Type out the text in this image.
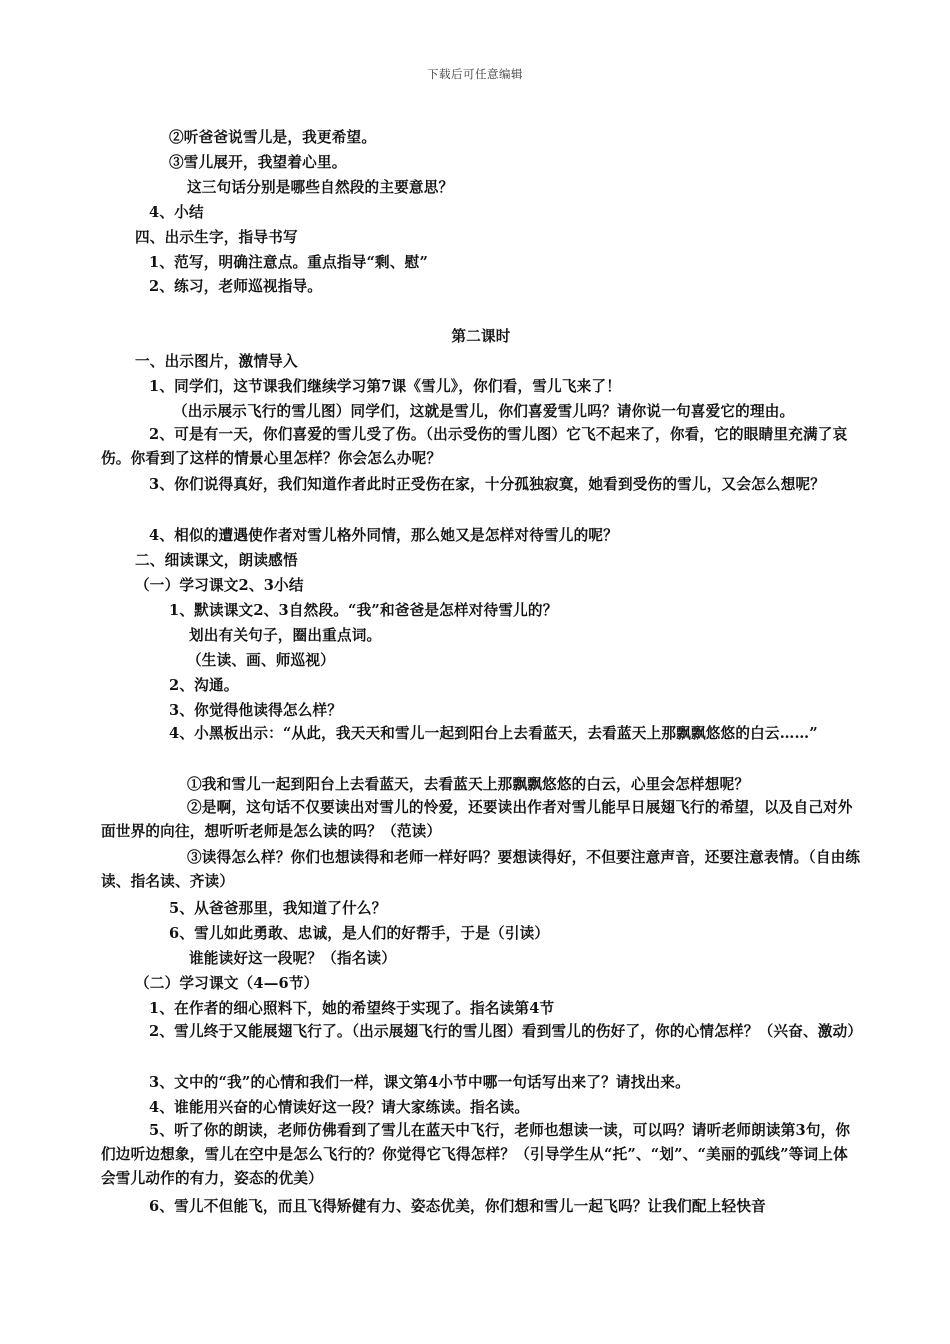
下载后可任意编辑
②听爸爸说雪儿是，我更希望。
③雪儿展开，我望着心里。
这三句话分别是哪些自然段的主要意思？
4、小结
四、出示生字，指导书写
1、范写，明确注意点。重点指导“剩、慰”
2、练习，老师巡视指导。
第二课时
一、出示图片，激情导入
1、同学们，这节课我们继续学习第7课《雪儿》，你们看，雪儿飞来了！
（出示展示飞行的雪儿图）同学们，这就是雪儿，你们喜爱雪儿吗？请你说一句喜爱它的理由。
2、可是有一天，你们喜爱的雪儿受了伤。（出示受伤的雪儿图）它飞不起来了，你看，它的眼睛里充满了哀伤。你看到了这样的情景心里怎样？你会怎么办呢？
3、你们说得真好，我们知道作者此时正受伤在家，十分孤独寂寞，她看到受伤的雪儿，又会怎么想呢？
4、相似的遭遇使作者对雪儿格外同情，那么她又是怎样对待雪儿的呢？
二、细读课文，朗读感悟
（一）学习课文2、3小结
1、默读课文2、3自然段。“我”和爸爸是怎样对待雪儿的？
划出有关句子，圈出重点词。
（生读、画、师巡视）
2、沟通。
3、你觉得他读得怎么样？
4、小黑板出示：“从此，我天天和雪儿一起到阳台上去看蓝天，去看蓝天上那飘飘悠悠的白云……”
①我和雪儿一起到阳台上去看蓝天，去看蓝天上那飘飘悠悠的白云，心里会怎样想呢？
②是啊，这句话不仅要读出对雪儿的怜爱，还要读出作者对雪儿能早日展翅飞行的希望，以及自己对外面世界的向往，想听听老师是怎么读的吗？（范读）
③读得怎么样？你们也想读得和老师一样好吗？要想读得好，不但要注意声音，还要注意表情。（自由练读、指名读、齐读）
5、从爸爸那里，我知道了什么？
6、雪儿如此勇敢、忠诚，是人们的好帮手，于是（引读）
谁能读好这一段呢？（指名读）
（二）学习课文（4—6节）
1、在作者的细心照料下，她的希望终于实现了。指名读第4节
2、雪儿终于又能展翅飞行了。（出示展翅飞行的雪儿图）看到雪儿的伤好了，你的心情怎样？（兴奋、激动）
3、文中的“我”的心情和我们一样，课文第4小节中哪一句话写出来了？请找出来。
4、谁能用兴奋的心情读好这一段？请大家练读。指名读。
5、听了你的朗读，老师仿佛看到了雪儿在蓝天中飞行，老师也想读一读，可以吗？请听老师朗读第3句，你们边听边想象，雪儿在空中是怎么飞行的？你觉得它飞得怎样？（引导学生从“托”、“划”、“美丽的弧线”等词上体会雪儿动作的有力，姿态的优美）
6、雪儿不但能飞，而且飞得矫健有力、姿态优美，你们想和雪儿一起飞吗？让我们配上轻快音
